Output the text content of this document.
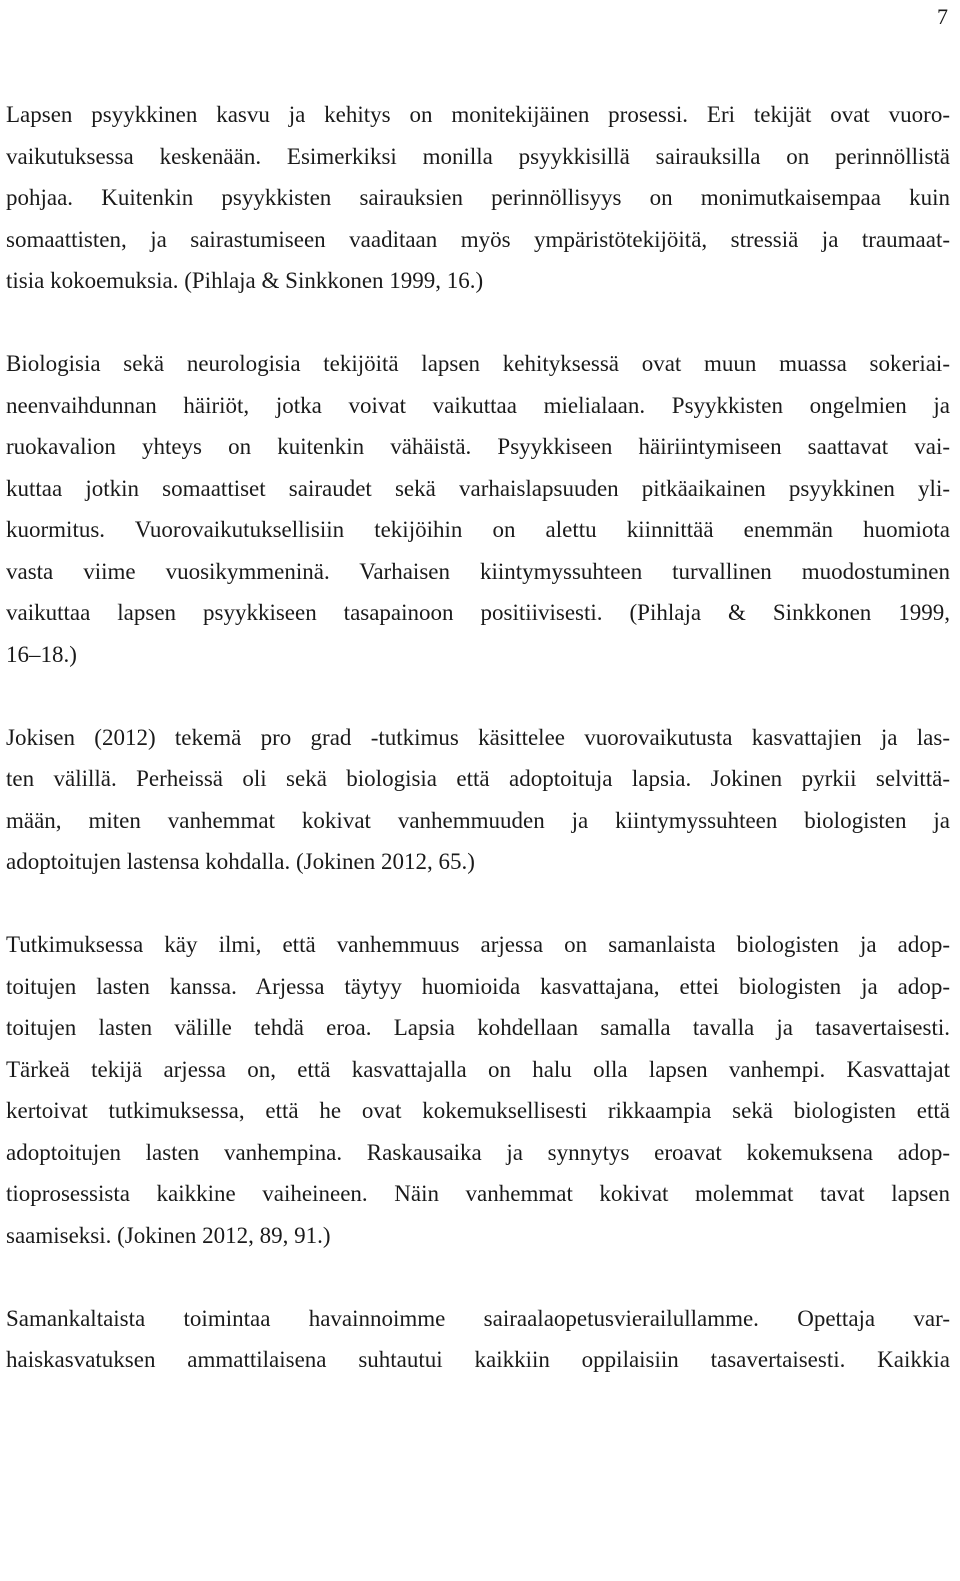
7

Lapsen psyykkinen kasvu ja kehitys on monitekijäinen prosessi. Eri tekijät ovat vuoro-
vaikutuksessa keskenään. Esimerkiksi monilla psyykkisillä sairauksilla on perinnöllistä
pohjaa. Kuitenkin psyykkisten sairauksien perinnöllisyys on monimutkaisempaa kuin
somaattisten, ja sairastumiseen vaaditaan myös ympäristötekijöitä, stressiä ja traumaat-
tisia kokoemuksia. (Pihlaja & Sinkkonen 1999, 16.)

Biologisia sekä neurologisia tekijöitä lapsen kehityksessä ovat muun muassa sokeriai-
neenvaihdunnan häiriöt, jotka voivat vaikuttaa mielialaan. Psyykkisten ongelmien ja
ruokavalion yhteys on kuitenkin vähäistä. Psyykkiseen häiriintymiseen saattavat vai-
kuttaa jotkin somaattiset sairaudet sekä varhaislapsuuden pitkäaikainen psyykkinen yli-
kuormitus. Vuorovaikutuksellisiin tekijöihin on alettu kiinnittää enemmän huomiota
vasta viime vuosikymmeninä. Varhaisen kiintymyssuhteen turvallinen muodostuminen
vaikuttaa lapsen psyykkiseen tasapainoon positiivisesti. (Pihlaja & Sinkkonen 1999,
16–18.)

Jokisen (2012) tekemä pro grad -tutkimus käsittelee vuorovaikutusta kasvattajien ja las-
ten välillä. Perheissä oli sekä biologisia että adoptoituja lapsia. Jokinen pyrkii selvittä-
mään, miten vanhemmat kokivat vanhemmuuden ja kiintymyssuhteen biologisten ja
adoptoitujen lastensa kohdalla. (Jokinen 2012, 65.)

Tutkimuksessa käy ilmi, että vanhemmuus arjessa on samanlaista biologisten ja adop-
toitujen lasten kanssa. Arjessa täytyy huomioida kasvattajana, ettei biologisten ja adop-
toitujen lasten välille tehdä eroa. Lapsia kohdellaan samalla tavalla ja tasavertaisesti.
Tärkeä tekijä arjessa on, että kasvattajalla on halu olla lapsen vanhempi. Kasvattajat
kertoivat tutkimuksessa, että he ovat kokemuksellisesti rikkaampia sekä biologisten että
adoptoitujen lasten vanhempina. Raskausaika ja synnytys eroavat kokemuksena adop-
tioprosessista kaikkine vaiheineen. Näin vanhemmat kokivat molemmat tavat lapsen
saamiseksi. (Jokinen 2012, 89, 91.)

Samankaltaista toimintaa havainnoimme sairaalaopetusvierailullamme. Opettaja var-
haiskasvatuksen ammattilaisena suhtautui kaikkiin oppilaisiin tasavertaisesti. Kaikkia
